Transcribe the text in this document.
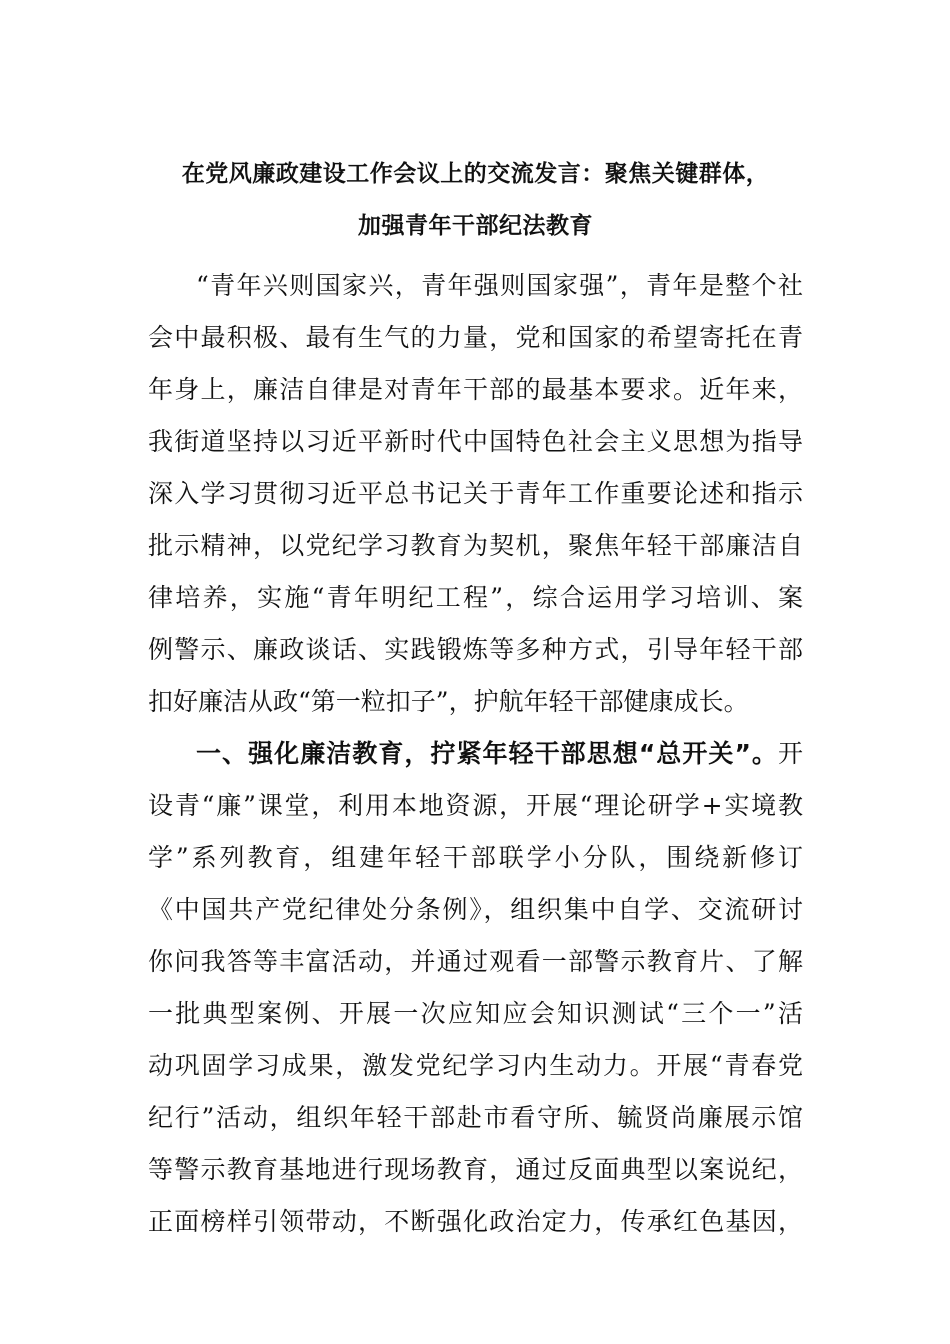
在党风廉政建设工作会议上的交流发言：聚焦关键群体，
加强青年干部纪法教育
“青年兴则国家兴，青年强则国家强”，青年是整个社
会中最积极、最有生气的力量，党和国家的希望寄托在青
年身上，廉洁自律是对青年干部的最基本要求。近年来，
我街道坚持以习近平新时代中国特色社会主义思想为指导
深入学习贯彻习近平总书记关于青年工作重要论述和指示
批示精神，以党纪学习教育为契机，聚焦年轻干部廉洁自
律培养，实施“青年明纪工程”，综合运用学习培训、案
例警示、廉政谈话、实践锻炼等多种方式，引导年轻干部
扣好廉洁从政“第一粒扣子”，护航年轻干部健康成长。
一、强化廉洁教育，拧紧年轻干部思想“总开关”。开
设青“廉”课堂，利用本地资源，开展“理论研学+实境教
学”系列教育，组建年轻干部联学小分队，围绕新修订
《中国共产党纪律处分条例》，组织集中自学、交流研讨
你问我答等丰富活动，并通过观看一部警示教育片、了解
一批典型案例、开展一次应知应会知识测试“三个一”活
动巩固学习成果，激发党纪学习内生动力。开展“青春党
纪行”活动，组织年轻干部赴市看守所、毓贤尚廉展示馆
等警示教育基地进行现场教育，通过反面典型以案说纪，
正面榜样引领带动，不断强化政治定力，传承红色基因，
